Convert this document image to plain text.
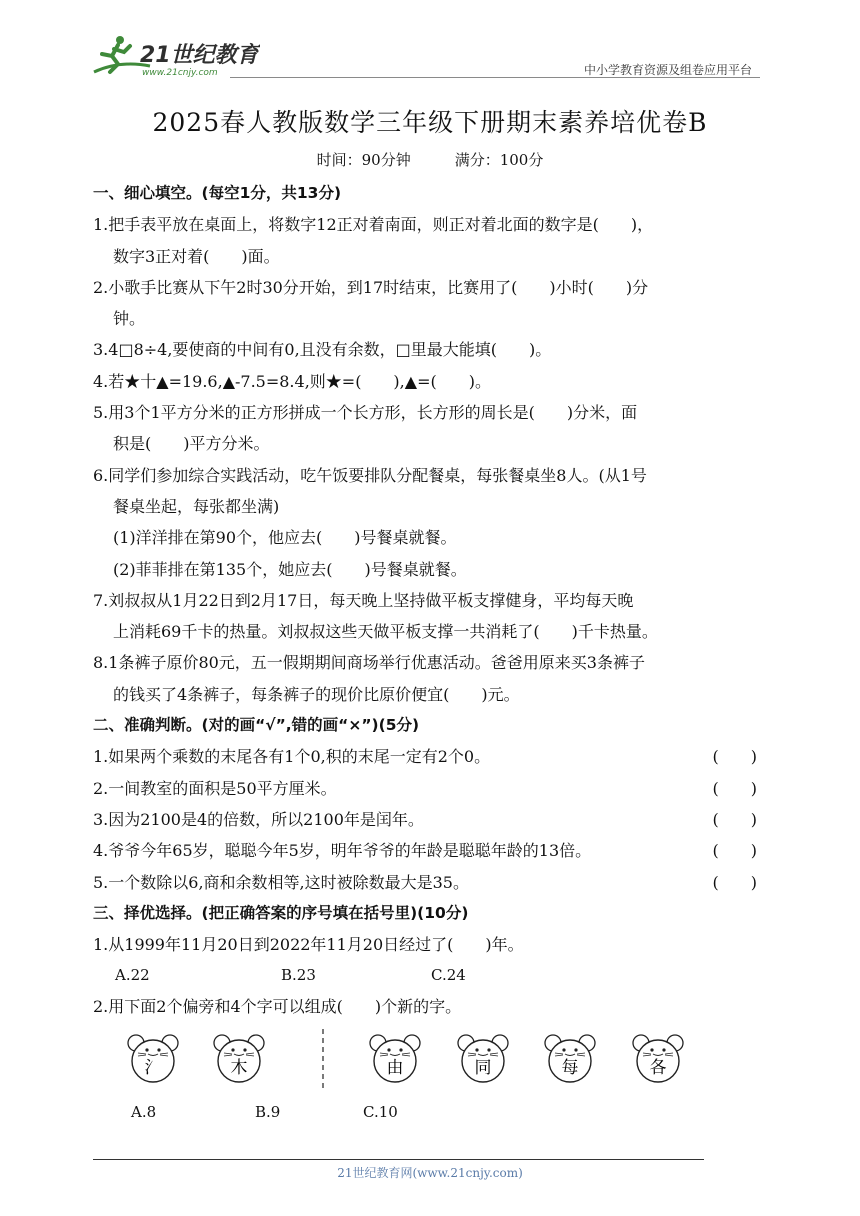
21世纪教育
www.21cnjy.com	中小学教育资源及组卷应用平台
2025春人教版数学三年级下册期末素养培优卷B
时间：90分钟	满分：100分
一、细心填空。(每空1分，共13分)
1.把手表平放在桌面上，将数字12正对着南面，则正对着北面的数字是(　　)，
数字3正对着(　　)面。
2.小歌手比赛从下午2时30分开始，到17时结束，比赛用了(　　)小时(　　)分
钟。
3.4□8÷4,要使商的中间有0,且没有余数，□里最大能填(　　)。
4.若★十▲=19.6,▲-7.5=8.4,则★=(　　),▲=(　　)。
5.用3个1平方分米的正方形拼成一个长方形，长方形的周长是(　　)分米，面
积是(　　)平方分米。
6.同学们参加综合实践活动，吃午饭要排队分配餐桌，每张餐桌坐8人。(从1号
餐桌坐起，每张都坐满)
(1)洋洋排在第90个，他应去(　　)号餐桌就餐。
(2)菲菲排在第135个，她应去(　　)号餐桌就餐。
7.刘叔叔从1月22日到2月17日，每天晚上坚持做平板支撑健身，平均每天晚
上消耗69千卡的热量。刘叔叔这些天做平板支撑一共消耗了(　　)千卡热量。
8.1条裤子原价80元，五一假期期间商场举行优惠活动。爸爸用原来买3条裤子
的钱买了4条裤子，每条裤子的现价比原价便宜(　　)元。
二、准确判断。(对的画“√”,错的画“×”)(5分)
1.如果两个乘数的末尾各有1个0,积的末尾一定有2个0。	(　　)
2.一间教室的面积是50平方厘米。	(　　)
3.因为2100是4的倍数，所以2100年是闰年。	(　　)
4.爷爷今年65岁，聪聪今年5岁，明年爷爷的年龄是聪聪年龄的13倍。	(　　)
5.一个数除以6,商和余数相等,这时被除数最大是35。	(　　)
三、择优选择。(把正确答案的序号填在括号里)(10分)
1.从1999年11月20日到2022年11月20日经过了(　　)年。
A.22	B.23	C.24
2.用下面2个偏旁和4个字可以组成(　　)个新的字。
氵	木	由	同	每	各
A.8	B.9	C.10
21世纪教育网(www.21cnjy.com)
